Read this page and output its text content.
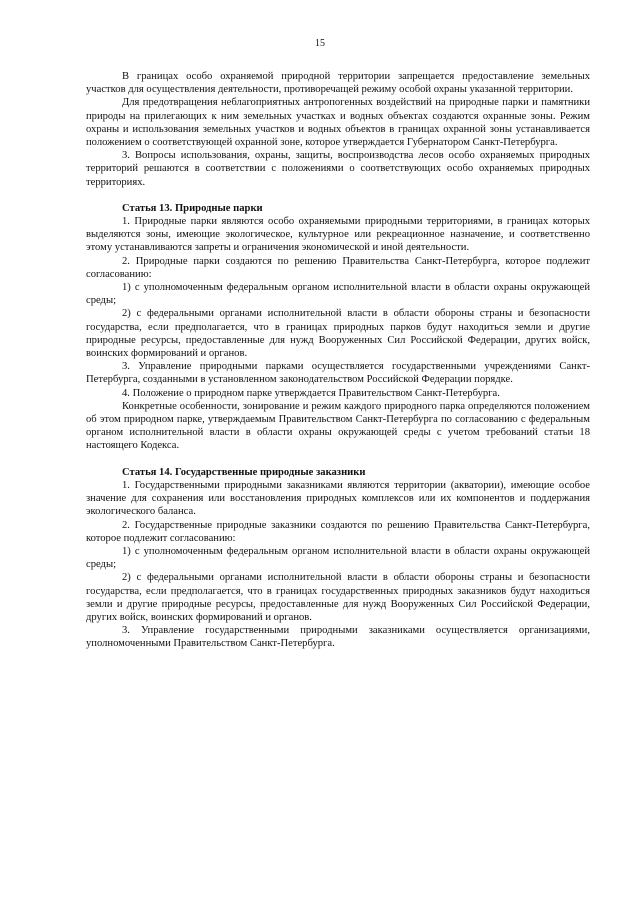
15

В границах особо охраняемой природной территории запрещается предоставление земельных участков для осуществления деятельности, противоречащей режиму особой охраны указанной территории.

Для предотвращения неблагоприятных антропогенных воздействий на природные парки и памятники природы на прилегающих к ним земельных участках и водных объектах создаются охранные зоны. Режим охраны и использования земельных участков и водных объектов в границах охранной зоны устанавливается положением о соответствующей охранной зоне, которое утверждается Губернатором Санкт-Петербурга.

3. Вопросы использования, охраны, защиты, воспроизводства лесов особо охраняемых природных территорий решаются в соответствии с положениями о соответствующих особо охраняемых природных территориях.

Статья 13. Природные парки

1. Природные парки являются особо охраняемыми природными территориями, в границах которых выделяются зоны, имеющие экологическое, культурное или рекреационное назначение, и соответственно этому устанавливаются запреты и ограничения экономической и иной деятельности.

2. Природные парки создаются по решению Правительства Санкт-Петербурга, которое подлежит согласованию:

1) с уполномоченным федеральным органом исполнительной власти в области охраны окружающей среды;

2) с федеральными органами исполнительной власти в области обороны страны и безопасности государства, если предполагается, что в границах природных парков будут находиться земли и другие природные ресурсы, предоставленные для нужд Вооруженных Сил Российской Федерации, других войск, воинских формирований и органов.

3. Управление природными парками осуществляется государственными учреждениями Санкт-Петербурга, созданными в установленном законодательством Российской Федерации порядке.

4. Положение о природном парке утверждается Правительством Санкт-Петербурга.

Конкретные особенности, зонирование и режим каждого природного парка определяются положением об этом природном парке, утверждаемым Правительством Санкт-Петербурга по согласованию с федеральным органом исполнительной власти в области охраны окружающей среды с учетом требований статьи 18 настоящего Кодекса.

Статья 14. Государственные природные заказники

1. Государственными природными заказниками являются территории (акватории), имеющие особое значение для сохранения или восстановления природных комплексов или их компонентов и поддержания экологического баланса.

2. Государственные природные заказники создаются по решению Правительства Санкт-Петербурга, которое подлежит согласованию:

1) с уполномоченным федеральным органом исполнительной власти в области охраны окружающей среды;

2) с федеральными органами исполнительной власти в области обороны страны и безопасности государства, если предполагается, что в границах государственных природных заказников будут находиться земли и другие природные ресурсы, предоставленные для нужд Вооруженных Сил Российской Федерации, других войск, воинских формирований и органов.

3. Управление государственными природными заказниками осуществляется организациями, уполномоченными Правительством Санкт-Петербурга.
